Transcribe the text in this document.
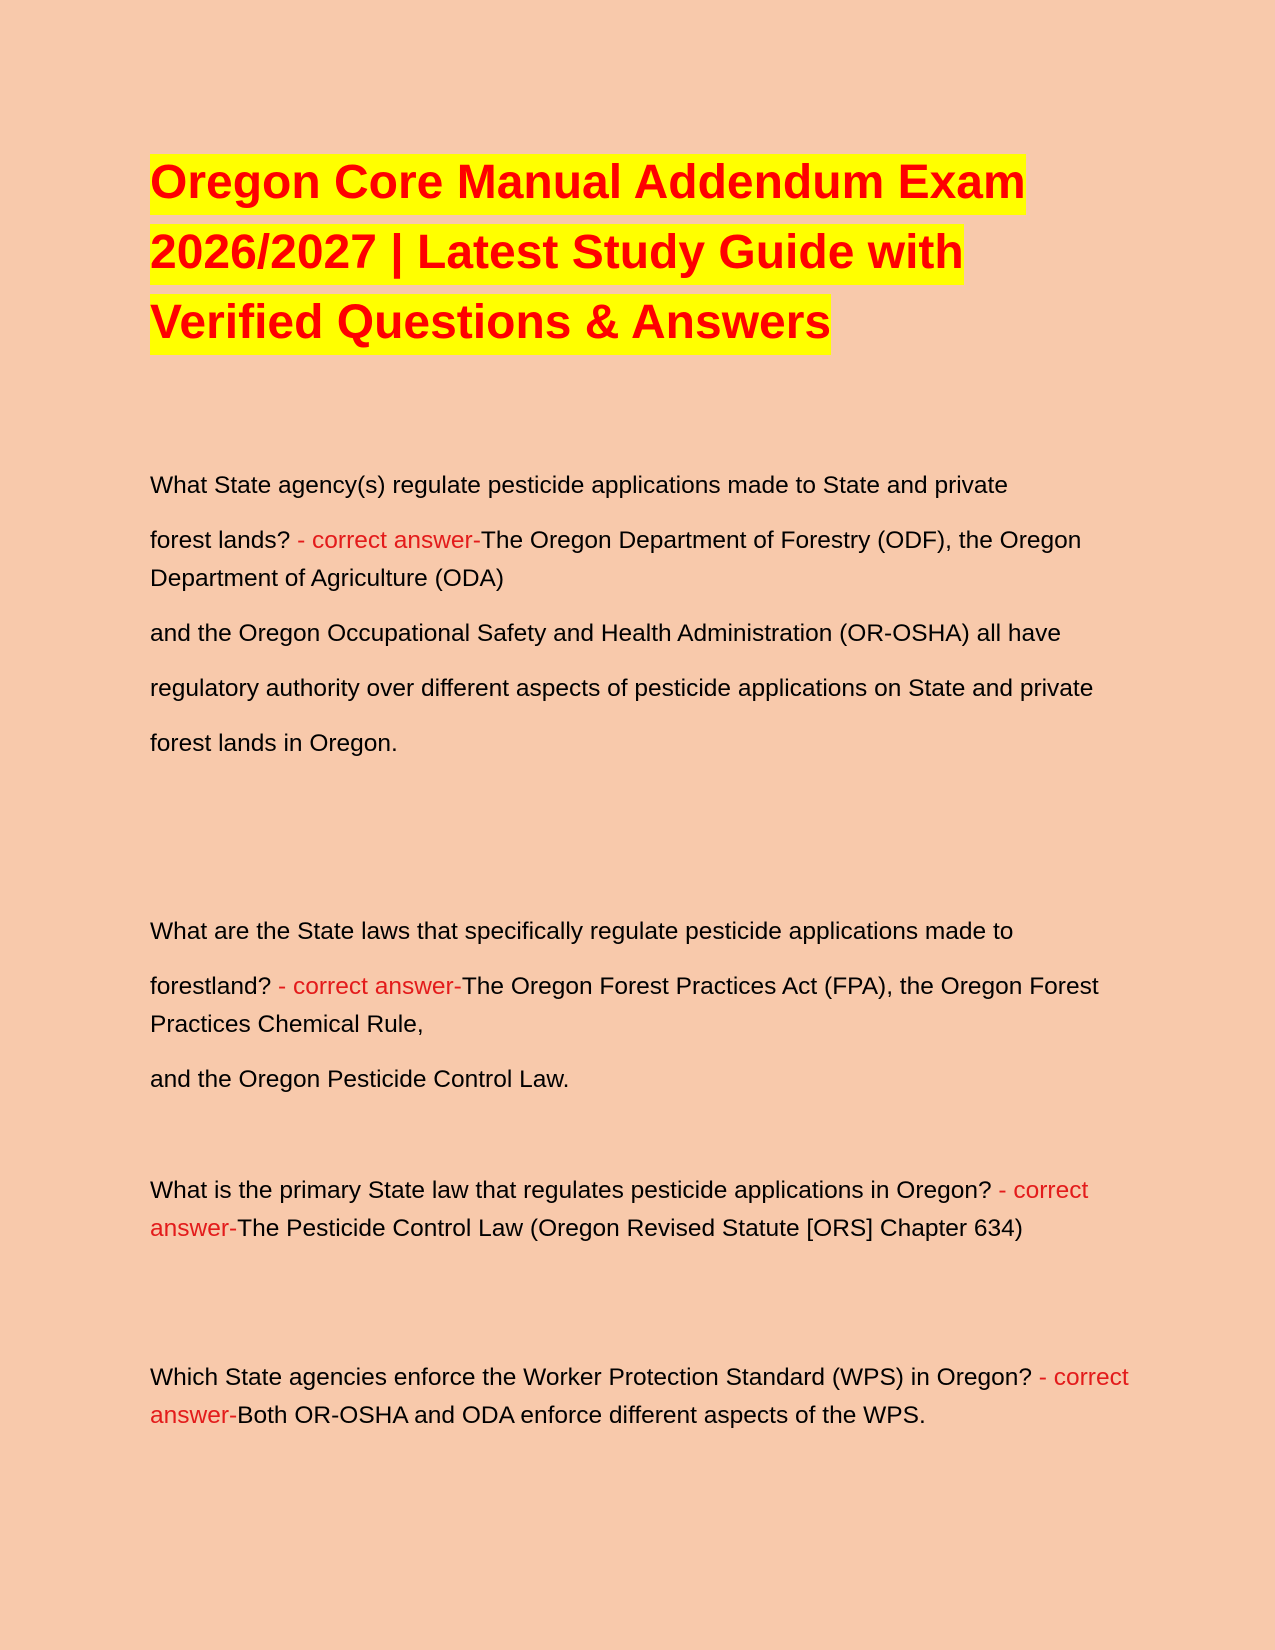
Oregon Core Manual Addendum Exam 2026/2027 | Latest Study Guide with Verified Questions & Answers

What State agency(s) regulate pesticide applications made to State and private

forest lands? - correct answer-The Oregon Department of Forestry (ODF), the Oregon Department of Agriculture (ODA)

and the Oregon Occupational Safety and Health Administration (OR-OSHA) all have

regulatory authority over different aspects of pesticide applications on State and private

forest lands in Oregon.

What are the State laws that specifically regulate pesticide applications made to

forestland? - correct answer-The Oregon Forest Practices Act (FPA), the Oregon Forest Practices Chemical Rule,

and the Oregon Pesticide Control Law.

What is the primary State law that regulates pesticide applications in Oregon? - correct answer-The Pesticide Control Law (Oregon Revised Statute [ORS] Chapter 634)

Which State agencies enforce the Worker Protection Standard (WPS) in Oregon? - correct answer-Both OR-OSHA and ODA enforce different aspects of the WPS.
